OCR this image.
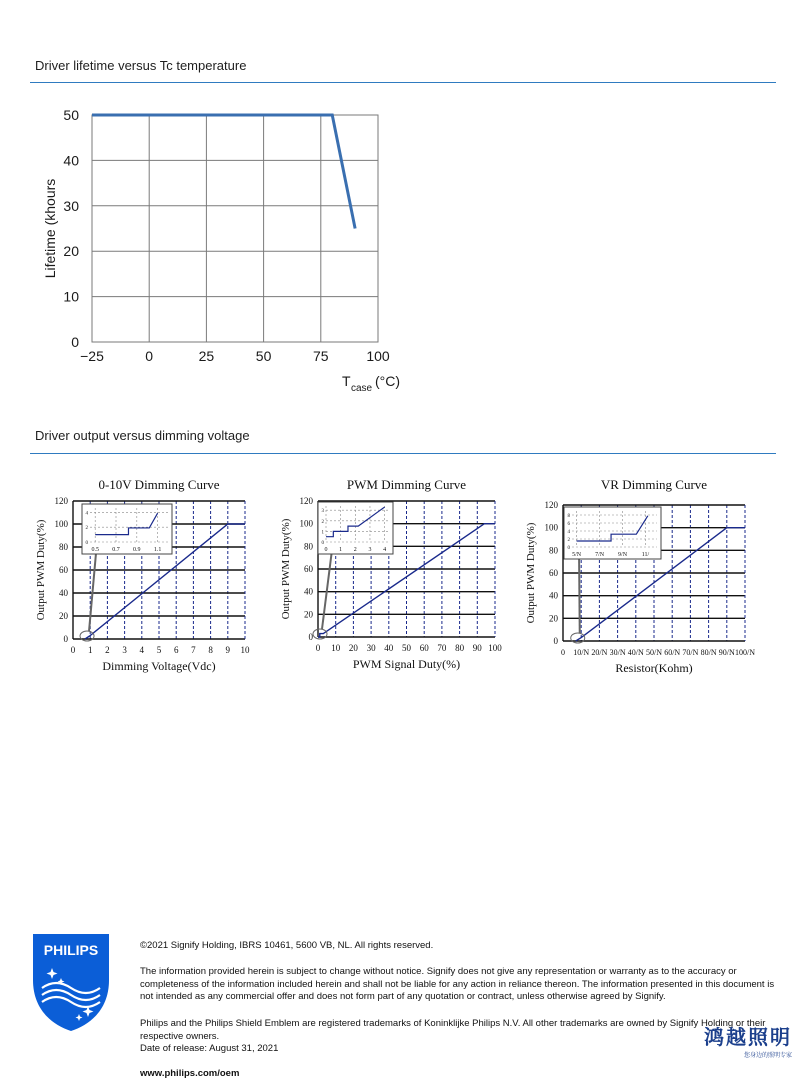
Driver lifetime versus Tc temperature
−25	0	25	50	75	100
0
10
20
30
40
50
Lifetime (khours
T case (°C)
Driver output versus dimming voltage
0-10V Dimming Curve
0 1 2 3 4 5 6 7 8 9 10
0
20
40
60
80
100
120
0.5 0.7 0.9 1.1
0
2
4
Output PWM Duty(%)
Dimming Voltage(Vdc)
PWM Dimming Curve
0 10 20 30 40 50 60 70 80 90 100
0
20
40
60
80
100
120
0 1 2 3 4
0
1
2
3
Output PWM Duty(%)
PWM Signal Duty(%)
VR Dimming Curve
0 10/N 20/N 30/N 40/N 50/N 60/N 70/N 80/N 90/N 100/N
0
20
40
60
80
100
120
5/N 7/N 9/N 11/
0
2
4
6
8
Output PWM Duty(%)
Resistor(Kohm)
PHILIPS	©2021 Signify Holding, IBRS 10461, 5600 VB, NL. All rights reserved.

The information provided herein is subject to change without notice. Signify does not give any representation or warranty as to the accuracy or completeness of the information included herein and shall not be liable for any action in reliance thereon. The information presented in this document is not intended as any commercial offer and does not form part of any quotation or contract, unless otherwise agreed by Signify.

Philips and the Philips Shield Emblem are registered trademarks of Koninklijke Philips N.V. All other trademarks are owned by Signify Holding or their respective owners.

Date of release: August 31, 2021

www.philips.com/oem

鸿越照明
您身边的照明专家
